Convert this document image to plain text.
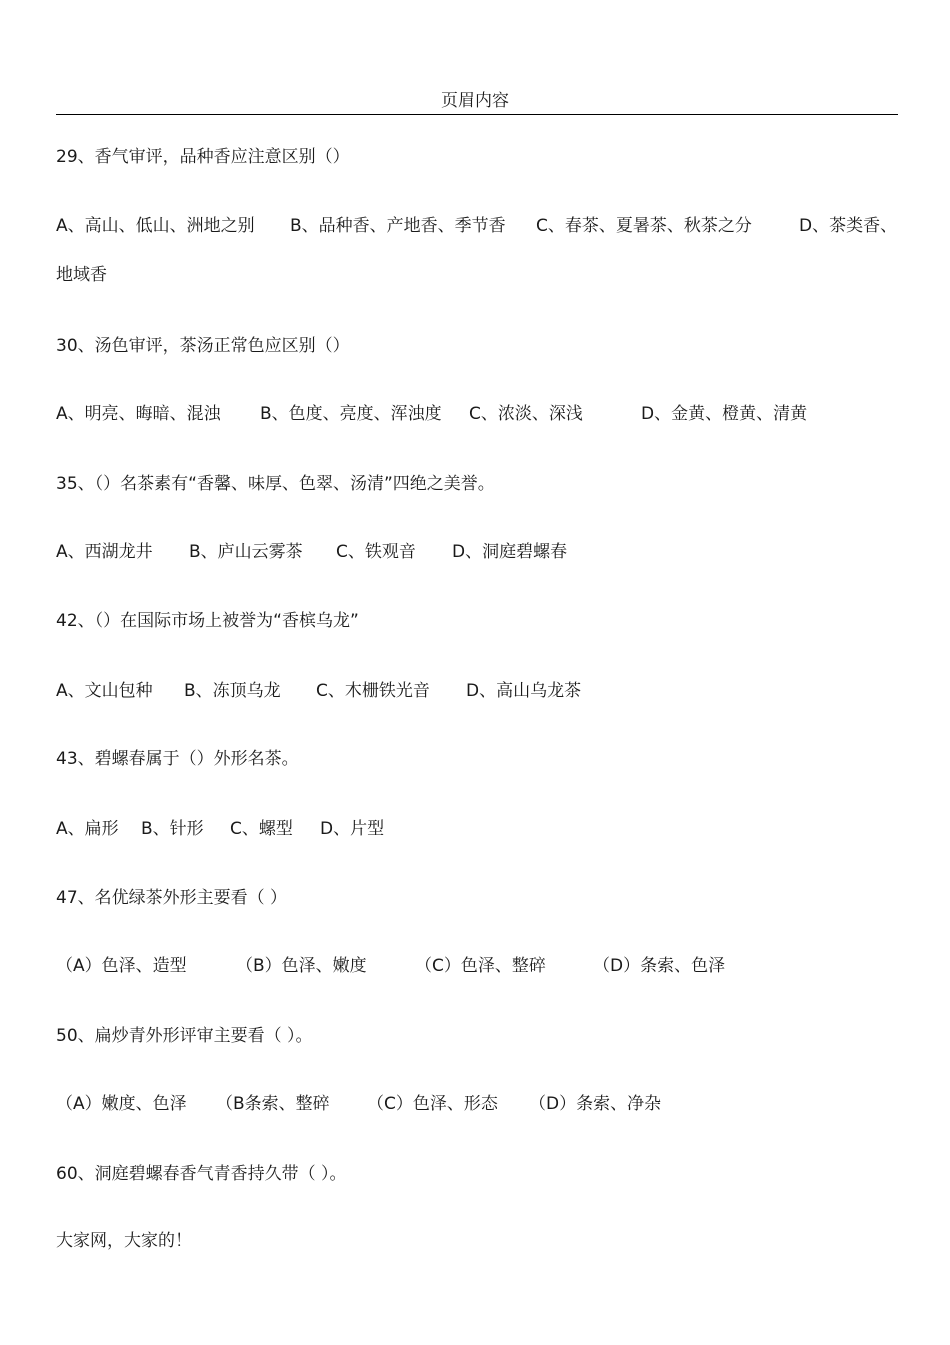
页眉内容
29、香气审评，品种香应注意区别（）
A、高山、低山、洲地之别 B、品种香、产地香、季节香 C、春茶、夏暑茶、秋茶之分	D、茶类香、
地域香
30、汤色审评，茶汤正常色应区别（）
A、明亮、晦暗、混浊 B、色度、亮度、浑浊度 C、浓淡、深浅	D、金黄、橙黄、清黄
35、（）名茶素有“香馨、味厚、色翠、汤清”四绝之美誉。
A、西湖龙井 B、庐山云雾茶 C、铁观音 D、洞庭碧螺春
42、（）在国际市场上被誉为“香槟乌龙”
A、文山包种 B、冻顶乌龙 C、木栅铁光音 D、高山乌龙茶
43、碧螺春属于（）外形名茶。
A、扁形 B、针形 C、螺型 D、片型
47、名优绿茶外形主要看（ ）
（A）色泽、造型	（B）色泽、嫩度	（C）色泽、整碎	（D）条索、色泽
50、扁炒青外形评审主要看（ ）。
（A）嫩度、色泽 （B条索、整碎 （C）色泽、形态 （D）条索、净杂
60、洞庭碧螺春香气青香持久带（ ）。
大家网，大家的！
